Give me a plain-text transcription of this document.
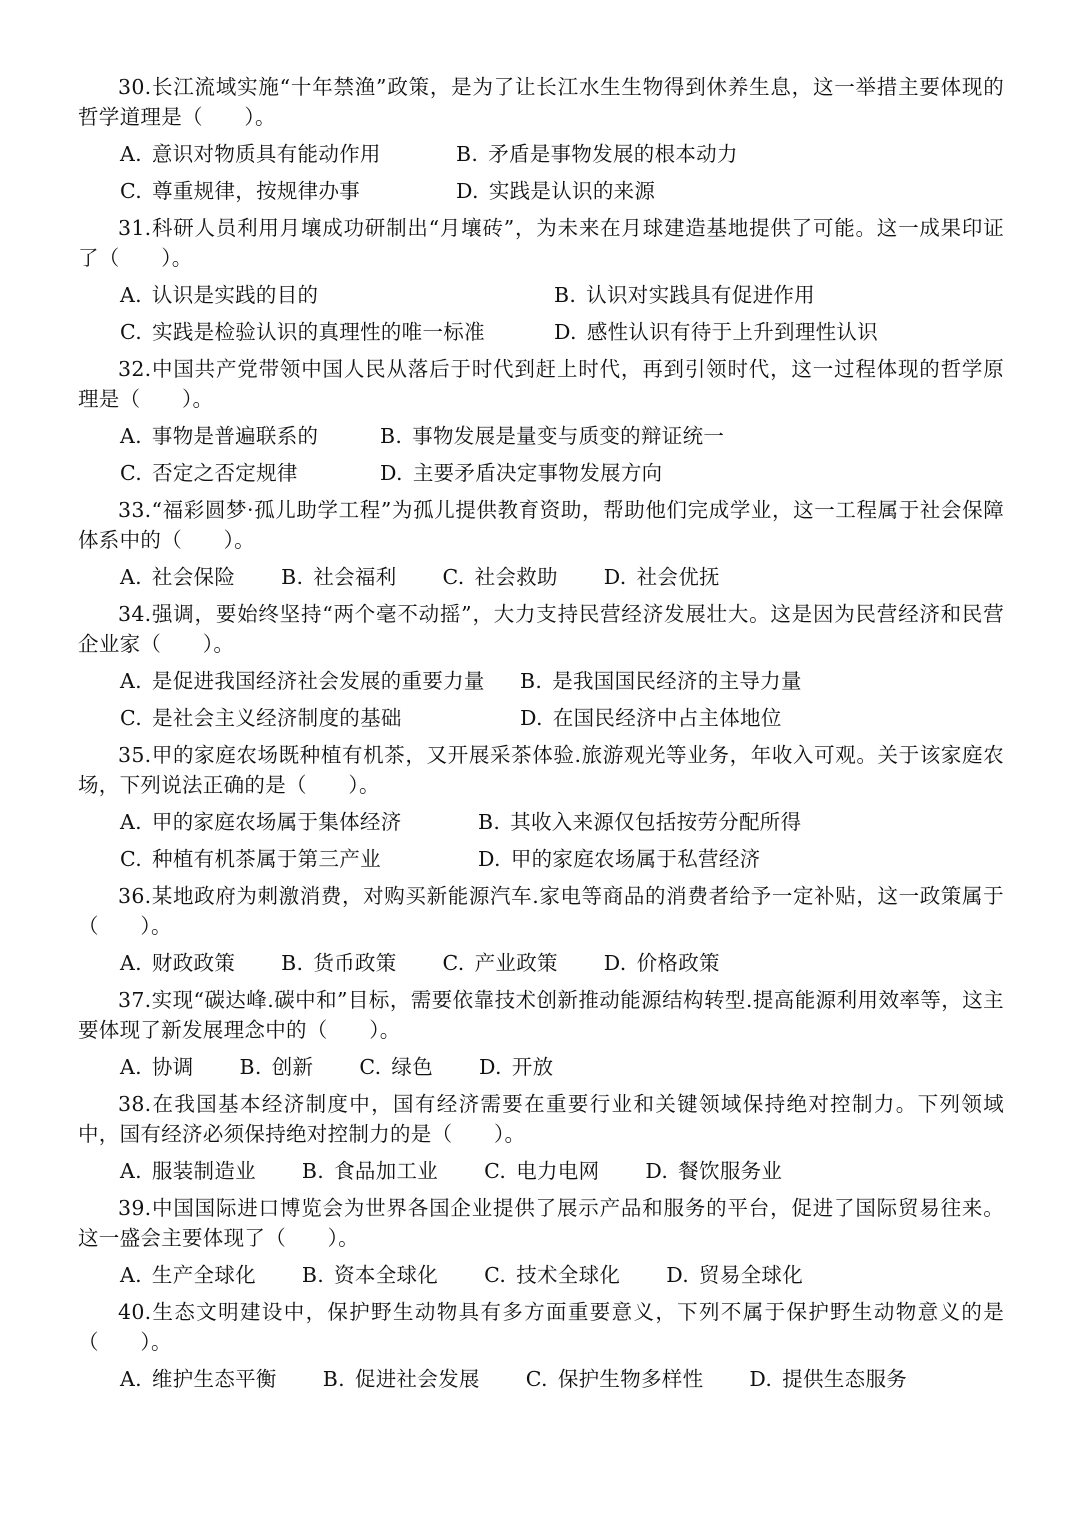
30.长江流域实施“十年禁渔”政策，是为了让长江水生生物得到休养生息，这一举措主要体现的哲学道理是（　　）。
A. 意识对物质具有能动作用	B. 矛盾是事物发展的根本动力
C. 尊重规律，按规律办事	D. 实践是认识的来源
31.科研人员利用月壤成功研制出“月壤砖”，为未来在月球建造基地提供了可能。这一成果印证了（　　）。
A. 认识是实践的目的	B. 认识对实践具有促进作用
C. 实践是检验认识的真理性的唯一标准	D. 感性认识有待于上升到理性认识
32.中国共产党带领中国人民从落后于时代到赶上时代，再到引领时代，这一过程体现的哲学原理是（　　）。
A. 事物是普遍联系的	B. 事物发展是量变与质变的辩证统一
C. 否定之否定规律	D. 主要矛盾决定事物发展方向
33.“福彩圆梦·孤儿助学工程”为孤儿提供教育资助，帮助他们完成学业，这一工程属于社会保障体系中的（　　）。
A. 社会保险 B. 社会福利 C. 社会救助 D. 社会优抚
34.强调，要始终坚持“两个毫不动摇”，大力支持民营经济发展壮大。这是因为民营经济和民营企业家（　　）。
A. 是促进我国经济社会发展的重要力量	B. 是我国国民经济的主导力量
C. 是社会主义经济制度的基础	D. 在国民经济中占主体地位
35.甲的家庭农场既种植有机茶，又开展采茶体验.旅游观光等业务，年收入可观。关于该家庭农场，下列说法正确的是（　　）。
A. 甲的家庭农场属于集体经济	B. 其收入来源仅包括按劳分配所得
C. 种植有机茶属于第三产业	D. 甲的家庭农场属于私营经济
36.某地政府为刺激消费，对购买新能源汽车.家电等商品的消费者给予一定补贴，这一政策属于（　　）。
A. 财政政策 B. 货币政策 C. 产业政策 D. 价格政策
37.实现“碳达峰.碳中和”目标，需要依靠技术创新推动能源结构转型.提高能源利用效率等，这主要体现了新发展理念中的（　　）。
A. 协调 B. 创新 C. 绿色 D. 开放
38.在我国基本经济制度中，国有经济需要在重要行业和关键领域保持绝对控制力。下列领域中，国有经济必须保持绝对控制力的是（　　）。
A. 服装制造业 B. 食品加工业 C. 电力电网 D. 餐饮服务业
39.中国国际进口博览会为世界各国企业提供了展示产品和服务的平台，促进了国际贸易往来。这一盛会主要体现了（　　）。
A. 生产全球化 B. 资本全球化 C. 技术全球化 D. 贸易全球化
40.生态文明建设中，保护野生动物具有多方面重要意义，下列不属于保护野生动物意义的是（　　）。
A. 维护生态平衡 B. 促进社会发展 C. 保护生物多样性 D. 提供生态服务
